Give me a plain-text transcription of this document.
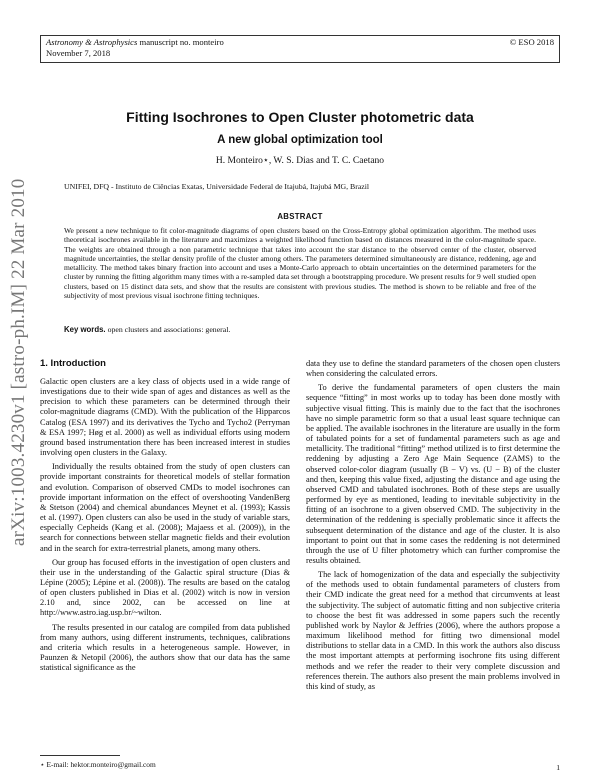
Astronomy & Astrophysics manuscript no. monteiro
November 7, 2018
© ESO 2018
arXiv:1003.4230v1 [astro-ph.IM] 22 Mar 2010
Fitting Isochrones to Open Cluster photometric data
A new global optimization tool
H. Monteiro⋆, W. S. Dias and T. C. Caetano
UNIFEI, DFQ - Instituto de Ciências Exatas, Universidade Federal de Itajubá, Itajubá MG, Brazil
ABSTRACT
We present a new technique to fit color-magnitude diagrams of open clusters based on the Cross-Entropy global optimization algorithm. The method uses theoretical isochrones available in the literature and maximizes a weighted likelihood function based on distances measured in the color-magnitude space. The weights are obtained through a non parametric technique that takes into account the star distance to the observed center of the cluster, observed magnitude uncertainties, the stellar density profile of the cluster among others. The parameters determined simultaneously are distance, reddening, age and metallicity. The method takes binary fraction into account and uses a Monte-Carlo approach to obtain uncertainties on the determined parameters for the cluster by running the fitting algorithm many times with a re-sampled data set through a bootstrapping procedure. We present results for 9 well studied open clusters, based on 15 distinct data sets, and show that the results are consistent with previous studies. The method is shown to be reliable and free of the subjectivity of most previous visual isochrone fitting techniques.
Key words. open clusters and associations: general.
1. Introduction

Galactic open clusters are a key class of objects used in a wide range of investigations due to their wide span of ages and distances as well as the precision to which these parameters can be determined through their color-magnitude diagrams (CMD). With the publication of the Hipparcos Catalog (ESA 1997) and its derivatives the Tycho and Tycho2 (Perryman & ESA 1997; Høg et al. 2000) as well as individual efforts using modern ground based instrumentation there has been increased interest in studies involving open clusters in the Galaxy.

Individually the results obtained from the study of open clusters can provide important constraints for theoretical models of stellar formation and evolution. Comparison of observed CMDs to model isochrones can provide important information on the effect of overshooting VandenBerg & Stetson (2004) and chemical abundances Meynet et al. (1993); Kassis et al. (1997). Open clusters can also be used in the study of variable stars, especially Cepheids (Kang et al. (2008); Majaess et al. (2009)), in the search for connections between stellar magnetic fields and their evolution and in the search for extra-terrestrial planets, among many others.

Our group has focused efforts in the investigation of open clusters and their use in the understanding of the Galactic spiral structure (Dias & Lépine (2005); Lépine et al. (2008)). The results are based on the catalog of open clusters published in Dias et al. (2002) witch is now in version 2.10 and, since 2002, can be accessed on line at http://www.astro.iag.usp.br/~wilton.

The results presented in our catalog are compiled from data published from many authors, using different instruments, techniques, calibrations and criteria which results in a heterogeneous sample. However, in Paunzen & Netopil (2006), the authors show that our data has the same statistical significance as the

data they use to define the standard parameters of the chosen open clusters when considering the calculated errors.

To derive the fundamental parameters of open clusters the main sequence “fitting” in most works up to today has been done mostly with subjective visual fitting. This is mainly due to the fact that the isochrones have no simple parametric form so that a usual least square technique can be applied. The available isochrones in the literature are usually in the form of tabulated points for a set of fundamental parameters such as age and metallicity. The traditional “fitting” method utilized is to first determine the reddening by adjusting a Zero Age Main Sequence (ZAMS) to the observed color-color diagram (usually (B − V) vs. (U − B) of the cluster and then, keeping this value fixed, adjusting the distance and age using the observed CMD and tabulated isochrones. Both of these steps are usually performed by eye as mentioned, leading to inevitable subjectivity in the fitting of an isochrone to a given observed CMD. The subjectivity in the determination of the reddening is specially problematic since it affects the subsequent determination of the distance and age of the cluster. It is also important to point out that in some cases the reddening is not determined through the use of U filter photometry which can further compromise the results obtained.

The lack of homogenization of the data and especially the subjectivity of the methods used to obtain fundamental parameters of clusters from their CMD indicate the great need for a method that circumvents at least the subjectivity. The subject of automatic fitting and non subjective criteria to choose the best fit was addressed in some papers such the recently published work by Naylor & Jeffries (2006), where the authors propose a maximum likelihood method for fitting two dimensional model distributions to stellar data in a CMD. In this work the authors also discuss the most important attempts at performing isochrone fits using different methods and we refer the reader to their very complete discussion and references therein. The authors also present the main problems involved in this kind of study, as

⋆ E-mail: hektor.monteiro@gmail.com	1
